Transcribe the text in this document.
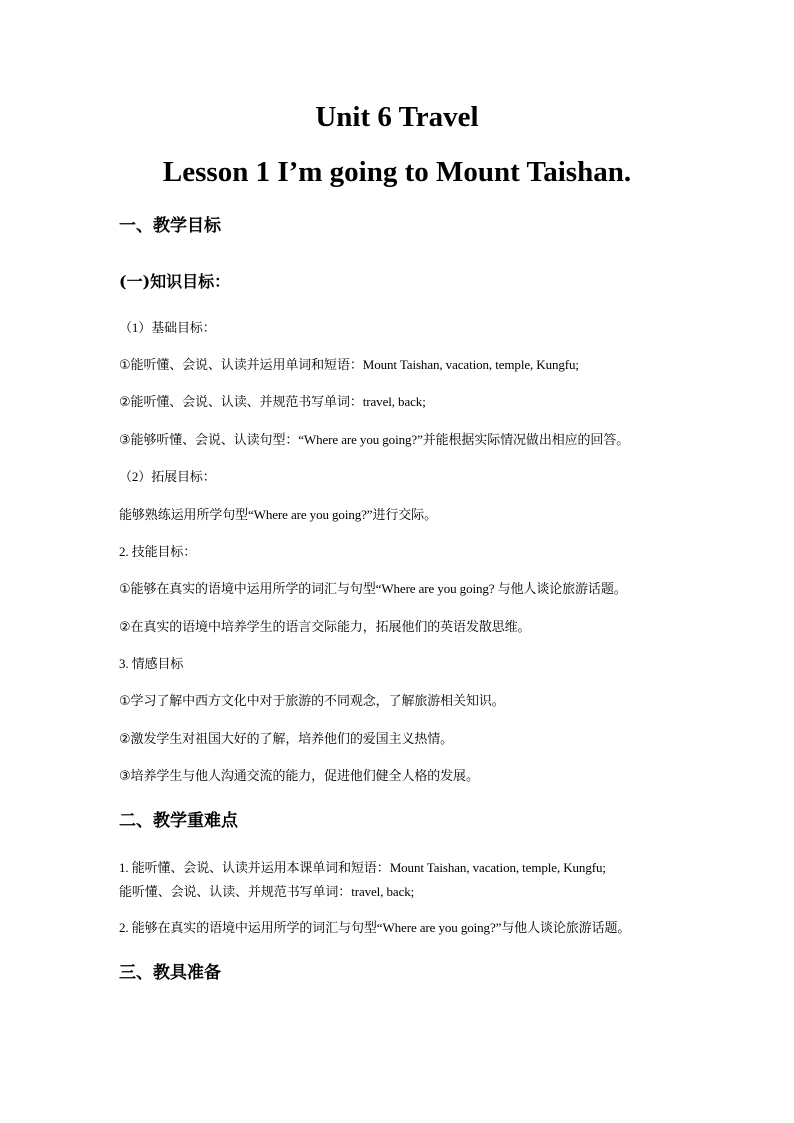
Unit 6 Travel
Lesson 1 I’m going to Mount Taishan.
一、教学目标
(一)知识目标：
（1）基础目标：
①能听懂、会说、认读并运用单词和短语：Mount Taishan, vacation, temple, Kungfu;
②能听懂、会说、认读、并规范书写单词：travel, back;
③能够听懂、会说、认读句型：“Where are you going?”并能根据实际情况做出相应的回答。
（2）拓展目标：
能够熟练运用所学句型“Where are you going?”进行交际。
2. 技能目标：
①能够在真实的语境中运用所学的词汇与句型“Where are you going? 与他人谈论旅游话题。
②在真实的语境中培养学生的语言交际能力，拓展他们的英语发散思维。
3. 情感目标
①学习了解中西方文化中对于旅游的不同观念，了解旅游相关知识。
②激发学生对祖国大好的了解，培养他们的爱国主义热情。
③培养学生与他人沟通交流的能力，促进他们健全人格的发展。
二、教学重难点
1. 能听懂、会说、认读并运用本课单词和短语：Mount Taishan, vacation, temple, Kungfu;
能听懂、会说、认读、并规范书写单词：travel, back;
2. 能够在真实的语境中运用所学的词汇与句型“Where are you going?”与他人谈论旅游话题。
三、教具准备
